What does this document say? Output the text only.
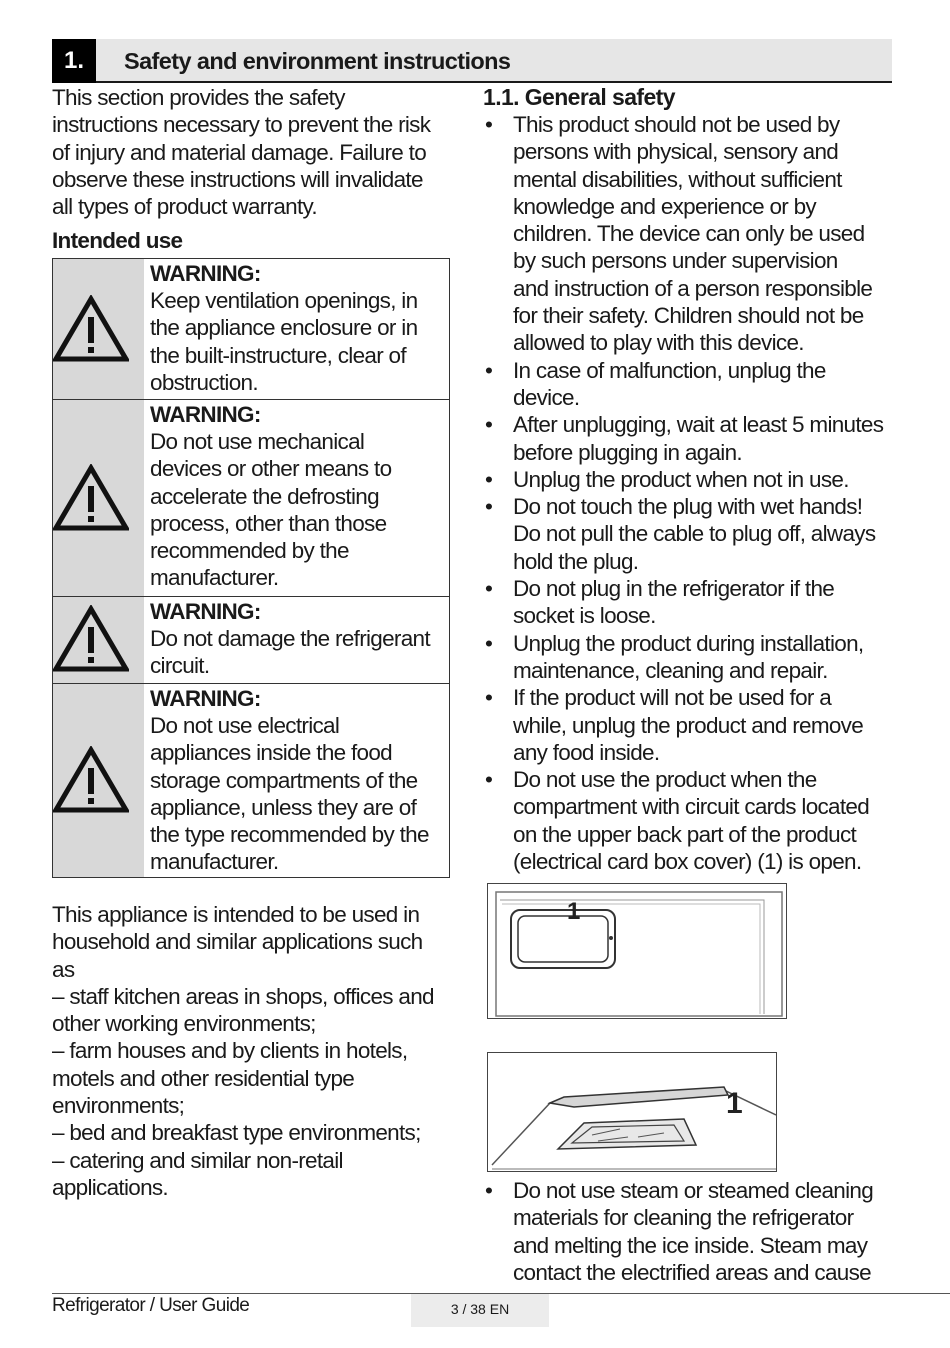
1.	Safety and environment instructions
This section provides the safety
instructions necessary to prevent the risk
of injury and material damage. Failure to
observe these instructions will invalidate
all types of product warranty.
Intended use
WARNING:
Keep ventilation openings, in
the appliance enclosure or in
the built-instructure, clear of
obstruction.
WARNING:
Do not use mechanical
devices or other means to
accelerate the defrosting
process, other than those
recommended by the
manufacturer.
WARNING:
Do not damage the refrigerant
circuit.
WARNING:
Do not use electrical
appliances inside the food
storage compartments of the
appliance, unless they are of
the type recommended by the
manufacturer.
This appliance is intended to be used in
household and similar applications such
as
– staff kitchen areas in shops, offices and
other working environments;
– farm houses and by clients in hotels,
motels and other residential type
environments;
– bed and breakfast type environments;
– catering and similar non-retail
applications.
1.1. General safety
• This product should not be used by
persons with physical, sensory and
mental disabilities, without sufficient
knowledge and experience or by
children. The device can only be used
by such persons under supervision
and instruction of a person responsible
for their safety. Children should not be
allowed to play with this device.
• In case of malfunction, unplug the
device.
• After unplugging, wait at least 5 minutes
before plugging in again.
• Unplug the product when not in use.
• Do not touch the plug with wet hands!
Do not pull the cable to plug off, always
hold the plug.
• Do not plug in the refrigerator if the
socket is loose.
• Unplug the product during installation,
maintenance, cleaning and repair.
• If the product will not be used for a
while, unplug the product and remove
any food inside.
• Do not use the product when the
compartment with circuit cards located
on the upper back part of the product
(electrical card box cover) (1) is open.
1
1
• Do not use steam or steamed cleaning
materials for cleaning the refrigerator
and melting the ice inside. Steam may
contact the electrified areas and cause
3 / 38 EN
Refrigerator / User Guide
